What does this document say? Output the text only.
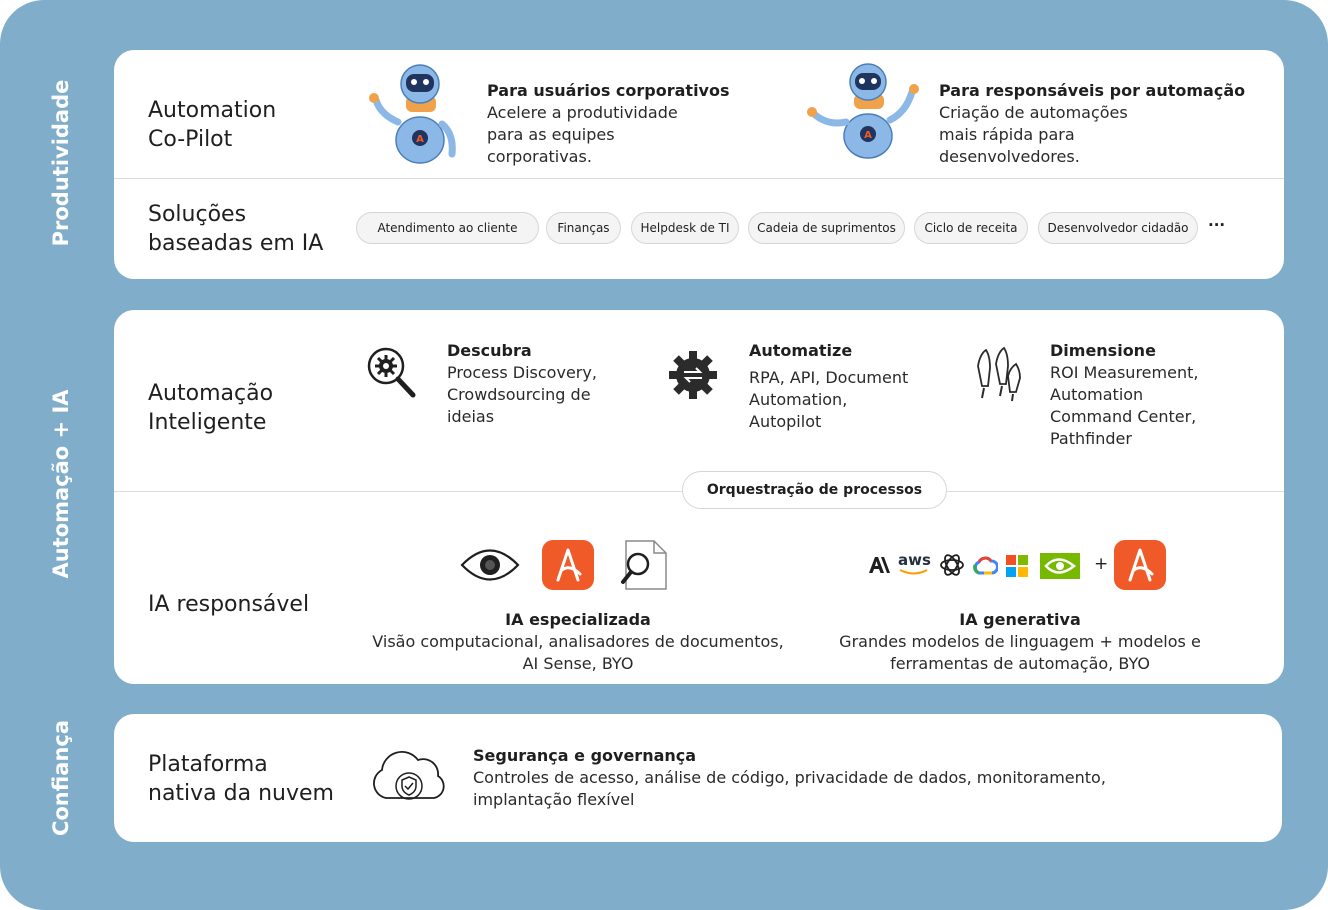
Produtividade
Automação + IA
Confiança
Automation
Co-Pilot	A
Para usuários corporativos
Acelere a produtividade
para as equipes
corporativas.
A
Para responsáveis por automação
Criação de automações
mais rápida para
desenvolvedores.
Soluções
baseadas em IA
Atendimento ao cliente	Finanças	Helpdesk de TI	Cadeia de suprimentos	Ciclo de receita	Desenvolvedor cidadão	···
Automação
Inteligente
Descubra
Process Discovery,
Crowdsourcing de
ideias
Automatize
RPA, API, Document
Automation,
Autopilot
Dimensione
ROI Measurement,
Automation
Command Center,
Pathfinder
Orquestração de processos
IA responsável
IA especializada
Visão computacional, analisadores de documentos,
AI Sense, BYO
aws	+
IA generativa
Grandes modelos de linguagem + modelos e
ferramentas de automação, BYO
Plataforma
nativa da nuvem
Segurança e governança
Controles de acesso, análise de código, privacidade de dados, monitoramento,
implantação flexível
